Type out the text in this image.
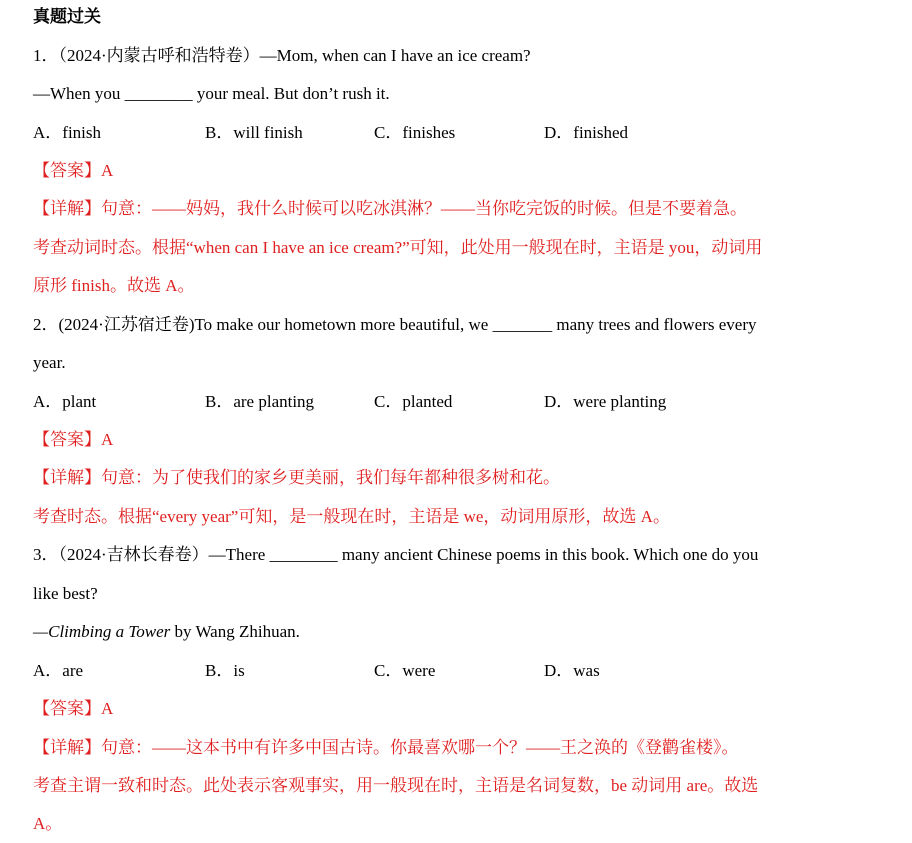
真题过关
1．（2024·内蒙古呼和浩特卷）—Mom, when can I have an ice cream?
—When you ________ your meal. But don’t rush it.
A．finish	B．will finish	C．finishes	D．finished
【答案】A
【详解】句意：——妈妈，我什么时候可以吃冰淇淋？——当你吃完饭的时候。但是不要着急。
考查动词时态。根据“when can I have an ice cream?”可知，此处用一般现在时，主语是 you，动词用
原形 finish。故选 A。
2．(2024·江苏宿迁卷)To make our hometown more beautiful, we _______ many trees and flowers every
year.
A．plant	B．are planting	C．planted	D．were planting
【答案】A
【详解】句意：为了使我们的家乡更美丽，我们每年都种很多树和花。
考查时态。根据“every year”可知，是一般现在时，主语是 we，动词用原形，故选 A。
3．（2024·吉林长春卷）—There ________ many ancient Chinese poems in this book. Which one do you
like best?
—Climbing a Tower by Wang Zhihuan.
A．are	B．is	C．were	D．was
【答案】A
【详解】句意：——这本书中有许多中国古诗。你最喜欢哪一个？——王之涣的《登鹳雀楼》。
考查主谓一致和时态。此处表示客观事实，用一般现在时，主语是名词复数，be 动词用 are。故选
A。
